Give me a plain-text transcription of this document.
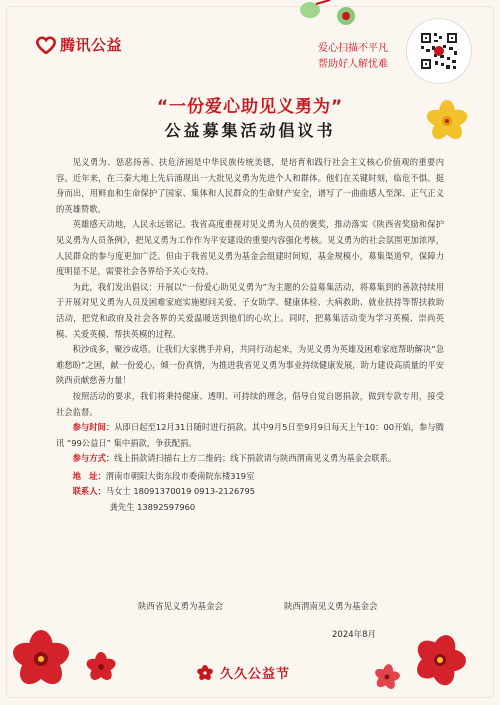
腾讯公益	爱心扫描不平凡
帮助好人解忧难
“一份爱心助见义勇为”
公益募集活动倡议书

见义勇为、惩恶扬善、扶危济困是中华民族传统美德，是培育和践行社会主义核心价值观的重要内容。近年来，在三秦大地上先后涌现出一大批见义勇为先进个人和群体。他们在关键时刻，临危不惧、挺身而出，用鲜血和生命保护了国家、集体和人民群众的生命财产安全，谱写了一曲曲感人至深、正气正义的英雄赞歌。

英雄感天动地，人民永远铭记。我省高度重视对见义勇为人员的褒奖，推动落实《陕西省奖励和保护见义勇为人员条例》，把见义勇为工作作为平安建设的重要内容强化考核。见义勇为的社会氛围更加浓厚，人民群众的参与度更加广泛。但由于我省见义勇为基金会组建时间短，基金规模小，募集渠道窄，保障力度明显不足，需要社会各界给予关心支持。

为此，我们发出倡议：开展以“一份爱心助见义勇为”为主题的公益募集活动，将募集到的善款持续用于开展对见义勇为人员及困难家庭实施慰问关爱、子女助学、健康体检、大病救助、就业扶持等帮扶救助活动，把党和政府及社会各界的关爱温暖送到他们的心坎上。同时，把募集活动变为学习英模、崇尚英模、关爱英模、帮扶英模的过程。

积沙成多，聚沙成塔。让我们大家携手并肩，共同行动起来，为见义勇为英雄及困难家庭帮助解决“急难愁盼”之困，献一份爱心，倾一份真情，为推进我省见义勇为事业持续健康发展，助力建设高质量的平安陕西贡献慈善力量！

按照活动的要求，我们将秉持健康、透明、可持续的理念，倡导自觉自愿捐款，做到专款专用，接受社会监督。

参与时间：从即日起至12月31日随时进行捐款。其中9月5日至9月9日每天上午10：00开始，参与腾讯 “99公益日” 集中捐款，争获配捐。

参与方式：线上捐款请扫描右上方二维码；线下捐款请与陕西渭南见义勇为基金会联系。

地　址：渭南市朝阳大街东段市委南院东楼319室

联系人：马女士 18091370019 0913-2126795

龚先生 13892597960

陕西省见义勇为基金会	陕西渭南见义勇为基金会
2024年8月
久久公益节
